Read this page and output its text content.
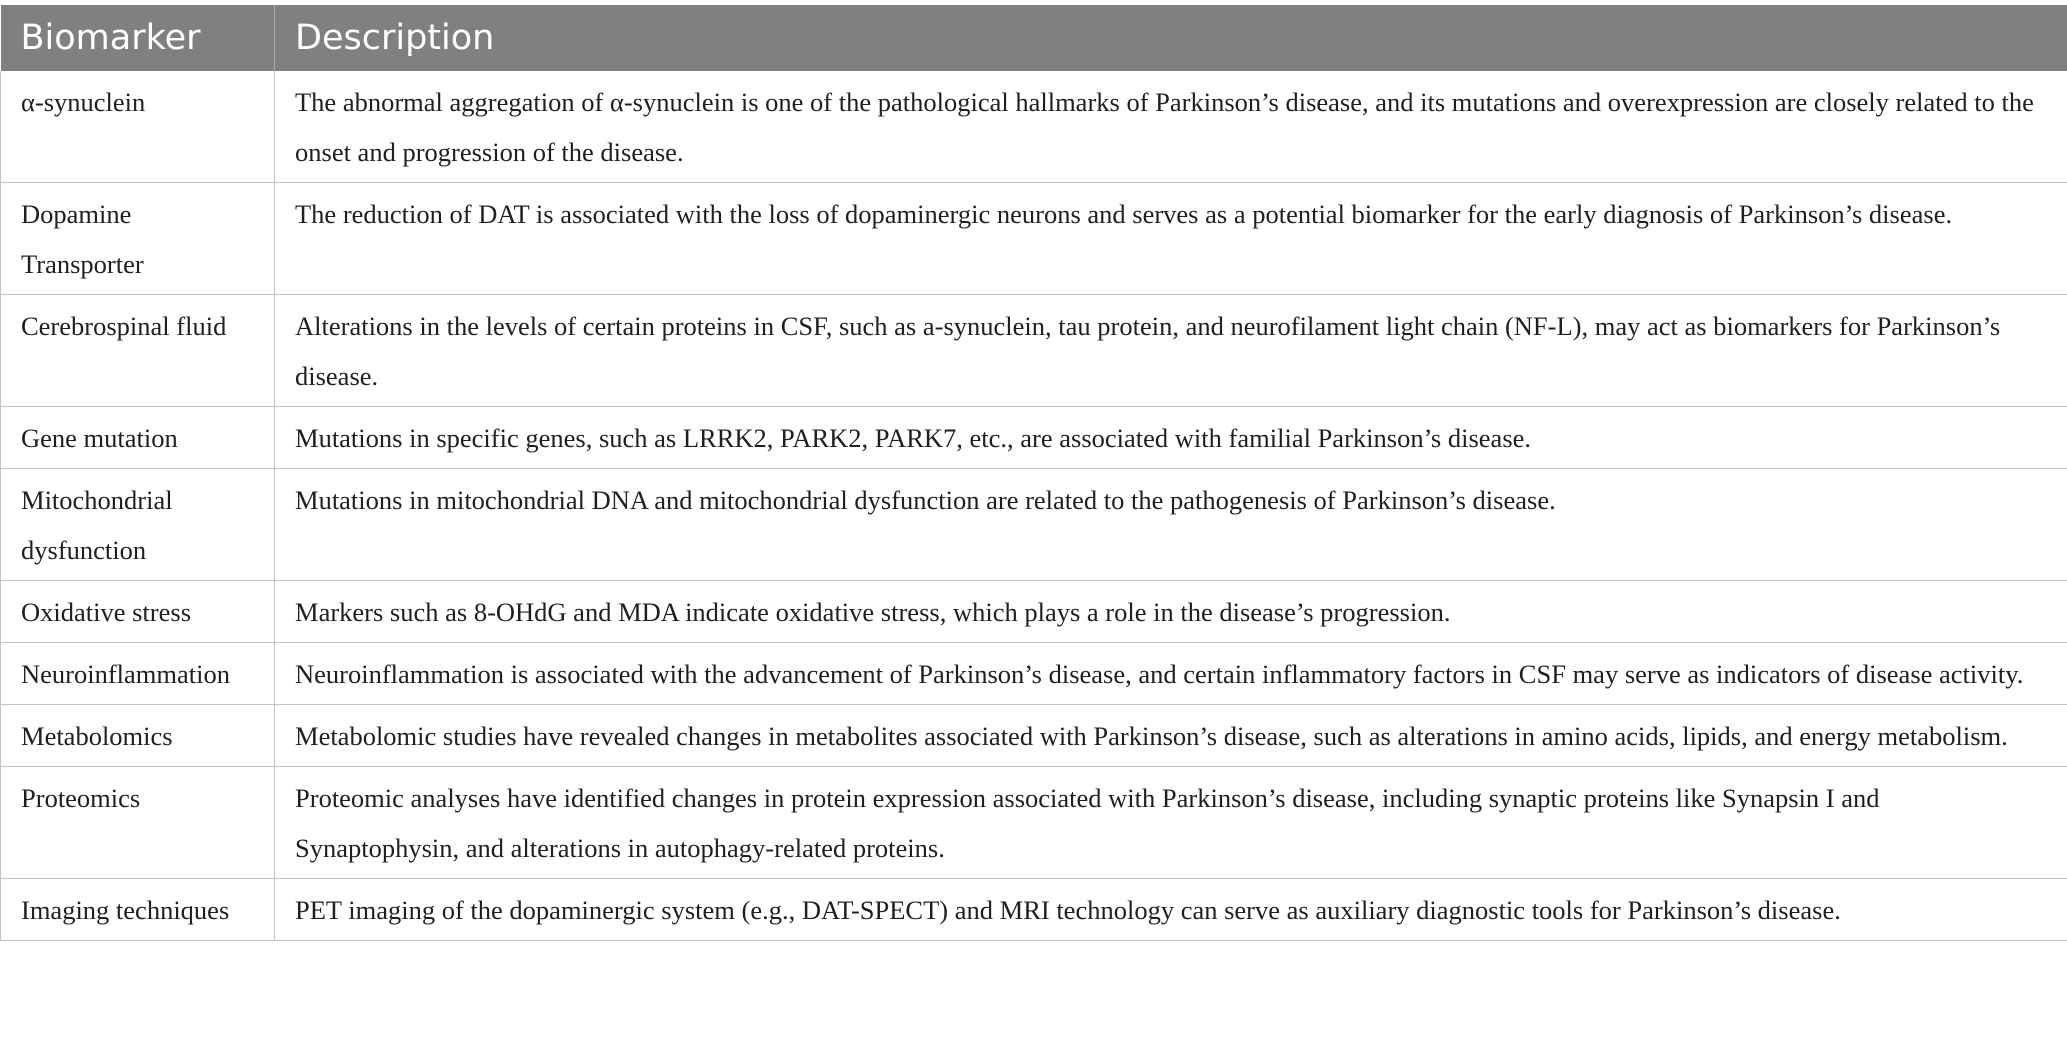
Biomarker	Description
α-synuclein	The abnormal aggregation of α-synuclein is one of the pathological hallmarks of Parkinson’s disease, and its mutations and overexpression are closely related to the onset and progression of the disease.
Dopamine Transporter	The reduction of DAT is associated with the loss of dopaminergic neurons and serves as a potential biomarker for the early diagnosis of Parkinson’s disease.
Cerebrospinal fluid	Alterations in the levels of certain proteins in CSF, such as a-synuclein, tau protein, and neurofilament light chain (NF-L), may act as biomarkers for Parkinson’s disease.
Gene mutation	Mutations in specific genes, such as LRRK2, PARK2, PARK7, etc., are associated with familial Parkinson’s disease.
Mitochondrial dysfunction	Mutations in mitochondrial DNA and mitochondrial dysfunction are related to the pathogenesis of Parkinson’s disease.
Oxidative stress	Markers such as 8-OHdG and MDA indicate oxidative stress, which plays a role in the disease’s progression.
Neuroinflammation	Neuroinflammation is associated with the advancement of Parkinson’s disease, and certain inflammatory factors in CSF may serve as indicators of disease activity.
Metabolomics	Metabolomic studies have revealed changes in metabolites associated with Parkinson’s disease, such as alterations in amino acids, lipids, and energy metabolism.
Proteomics	Proteomic analyses have identified changes in protein expression associated with Parkinson’s disease, including synaptic proteins like Synapsin I and Synaptophysin, and alterations in autophagy-related proteins.
Imaging techniques	PET imaging of the dopaminergic system (e.g., DAT-SPECT) and MRI technology can serve as auxiliary diagnostic tools for Parkinson’s disease.
